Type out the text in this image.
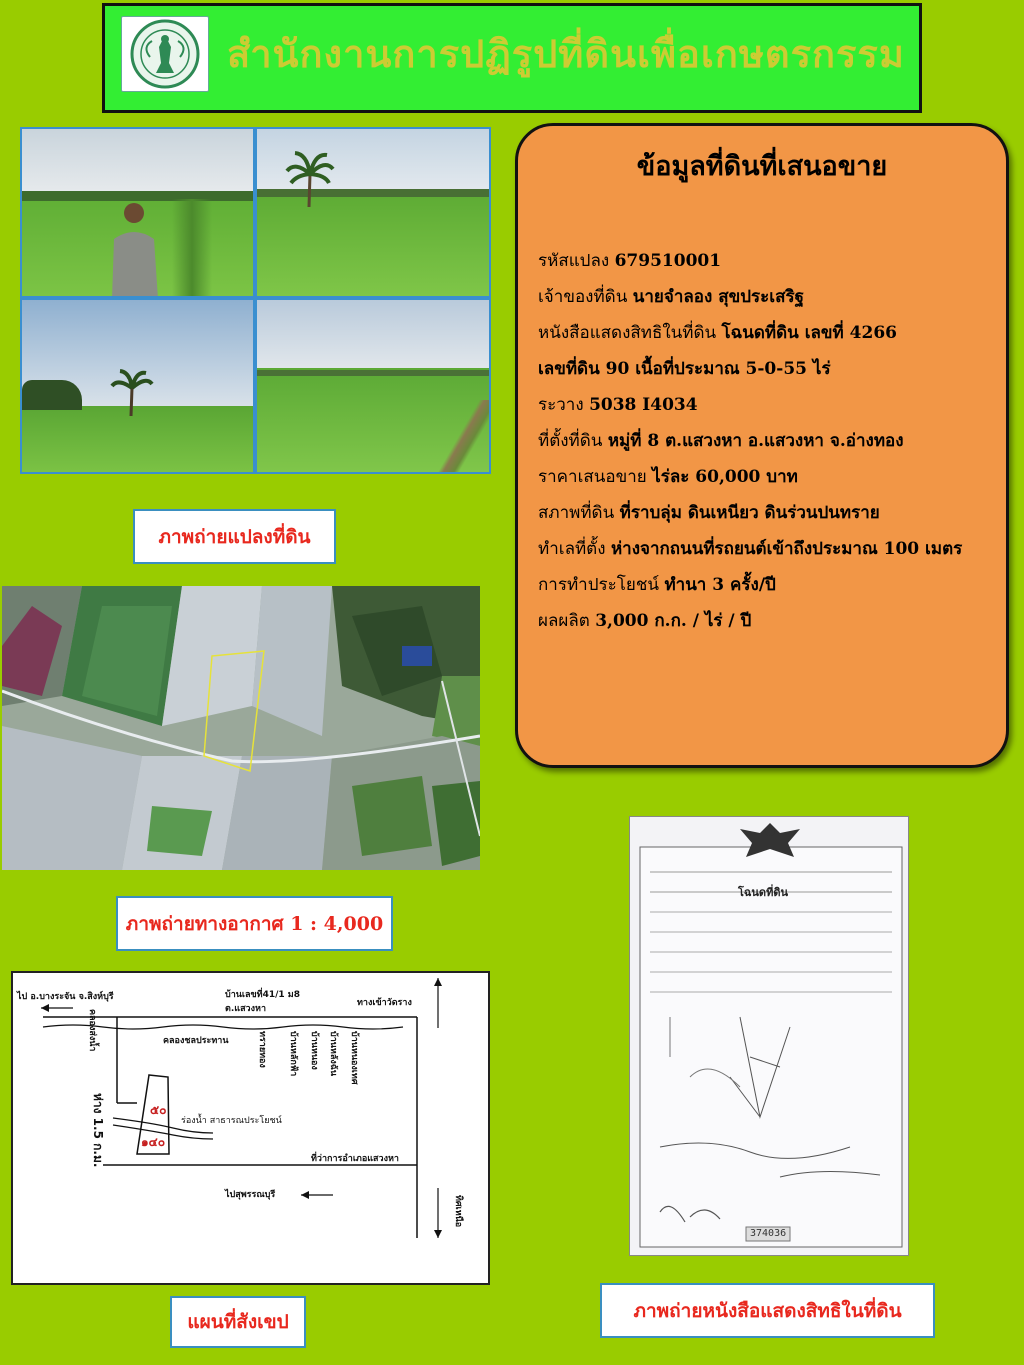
สำนักงานการปฏิรูปที่ดินเพื่อเกษตรกรรม
ภาพถ่ายแปลงที่ดิน
ข้อมูลที่ดินที่เสนอขาย
รหัสแปลง 679510001
เจ้าของที่ดิน นายจำลอง สุขประเสริฐ
หนังสือแสดงสิทธิในที่ดิน โฉนดที่ดิน เลขที่ 4266
เลขที่ดิน 90 เนื้อที่ประมาณ 5-0-55 ไร่
ระวาง 5038 I4034
ที่ตั้งที่ดิน หมู่ที่ 8 ต.แสวงหา อ.แสวงหา จ.อ่างทอง
ราคาเสนอขาย ไร่ละ 60,000 บาท
สภาพที่ดิน ที่ราบลุ่ม ดินเหนียว ดินร่วนปนทราย
ทำเลที่ตั้ง ห่างจากถนนที่รถยนต์เข้าถึงประมาณ 100 เมตร
การทำประโยชน์ ทำนา 3 ครั้ง/ปี
ผลผลิต 3,000 ก.ก. / ไร่ / ปี
ภาพถ่ายทางอากาศ 1 : 4,000
ไป อ.บางระจัน จ.สิงห์บุรี	บ้านเลขที่41/1 ม8
ต.แสวงหา
ทางเข้าวัดราง
คลองชลประทาน
คลองส่งน้ำ
ห่าง 1.5 ก.ม.
ทรายทอง บ้านหลักฟ้า บ้านหนอง บ้านหลังฉัน บ้านหนองเทศ
๕๐
๑๔๐
ร่องน้ำ สาธารณประโยชน์
ที่ว่าการอำเภอแสวงหา
ไปสุพรรณบุรี	ทิศเหนือ
แผนที่สังเขป
โฉนดที่ดิน
374036
ภาพถ่ายหนังสือแสดงสิทธิในที่ดิน
